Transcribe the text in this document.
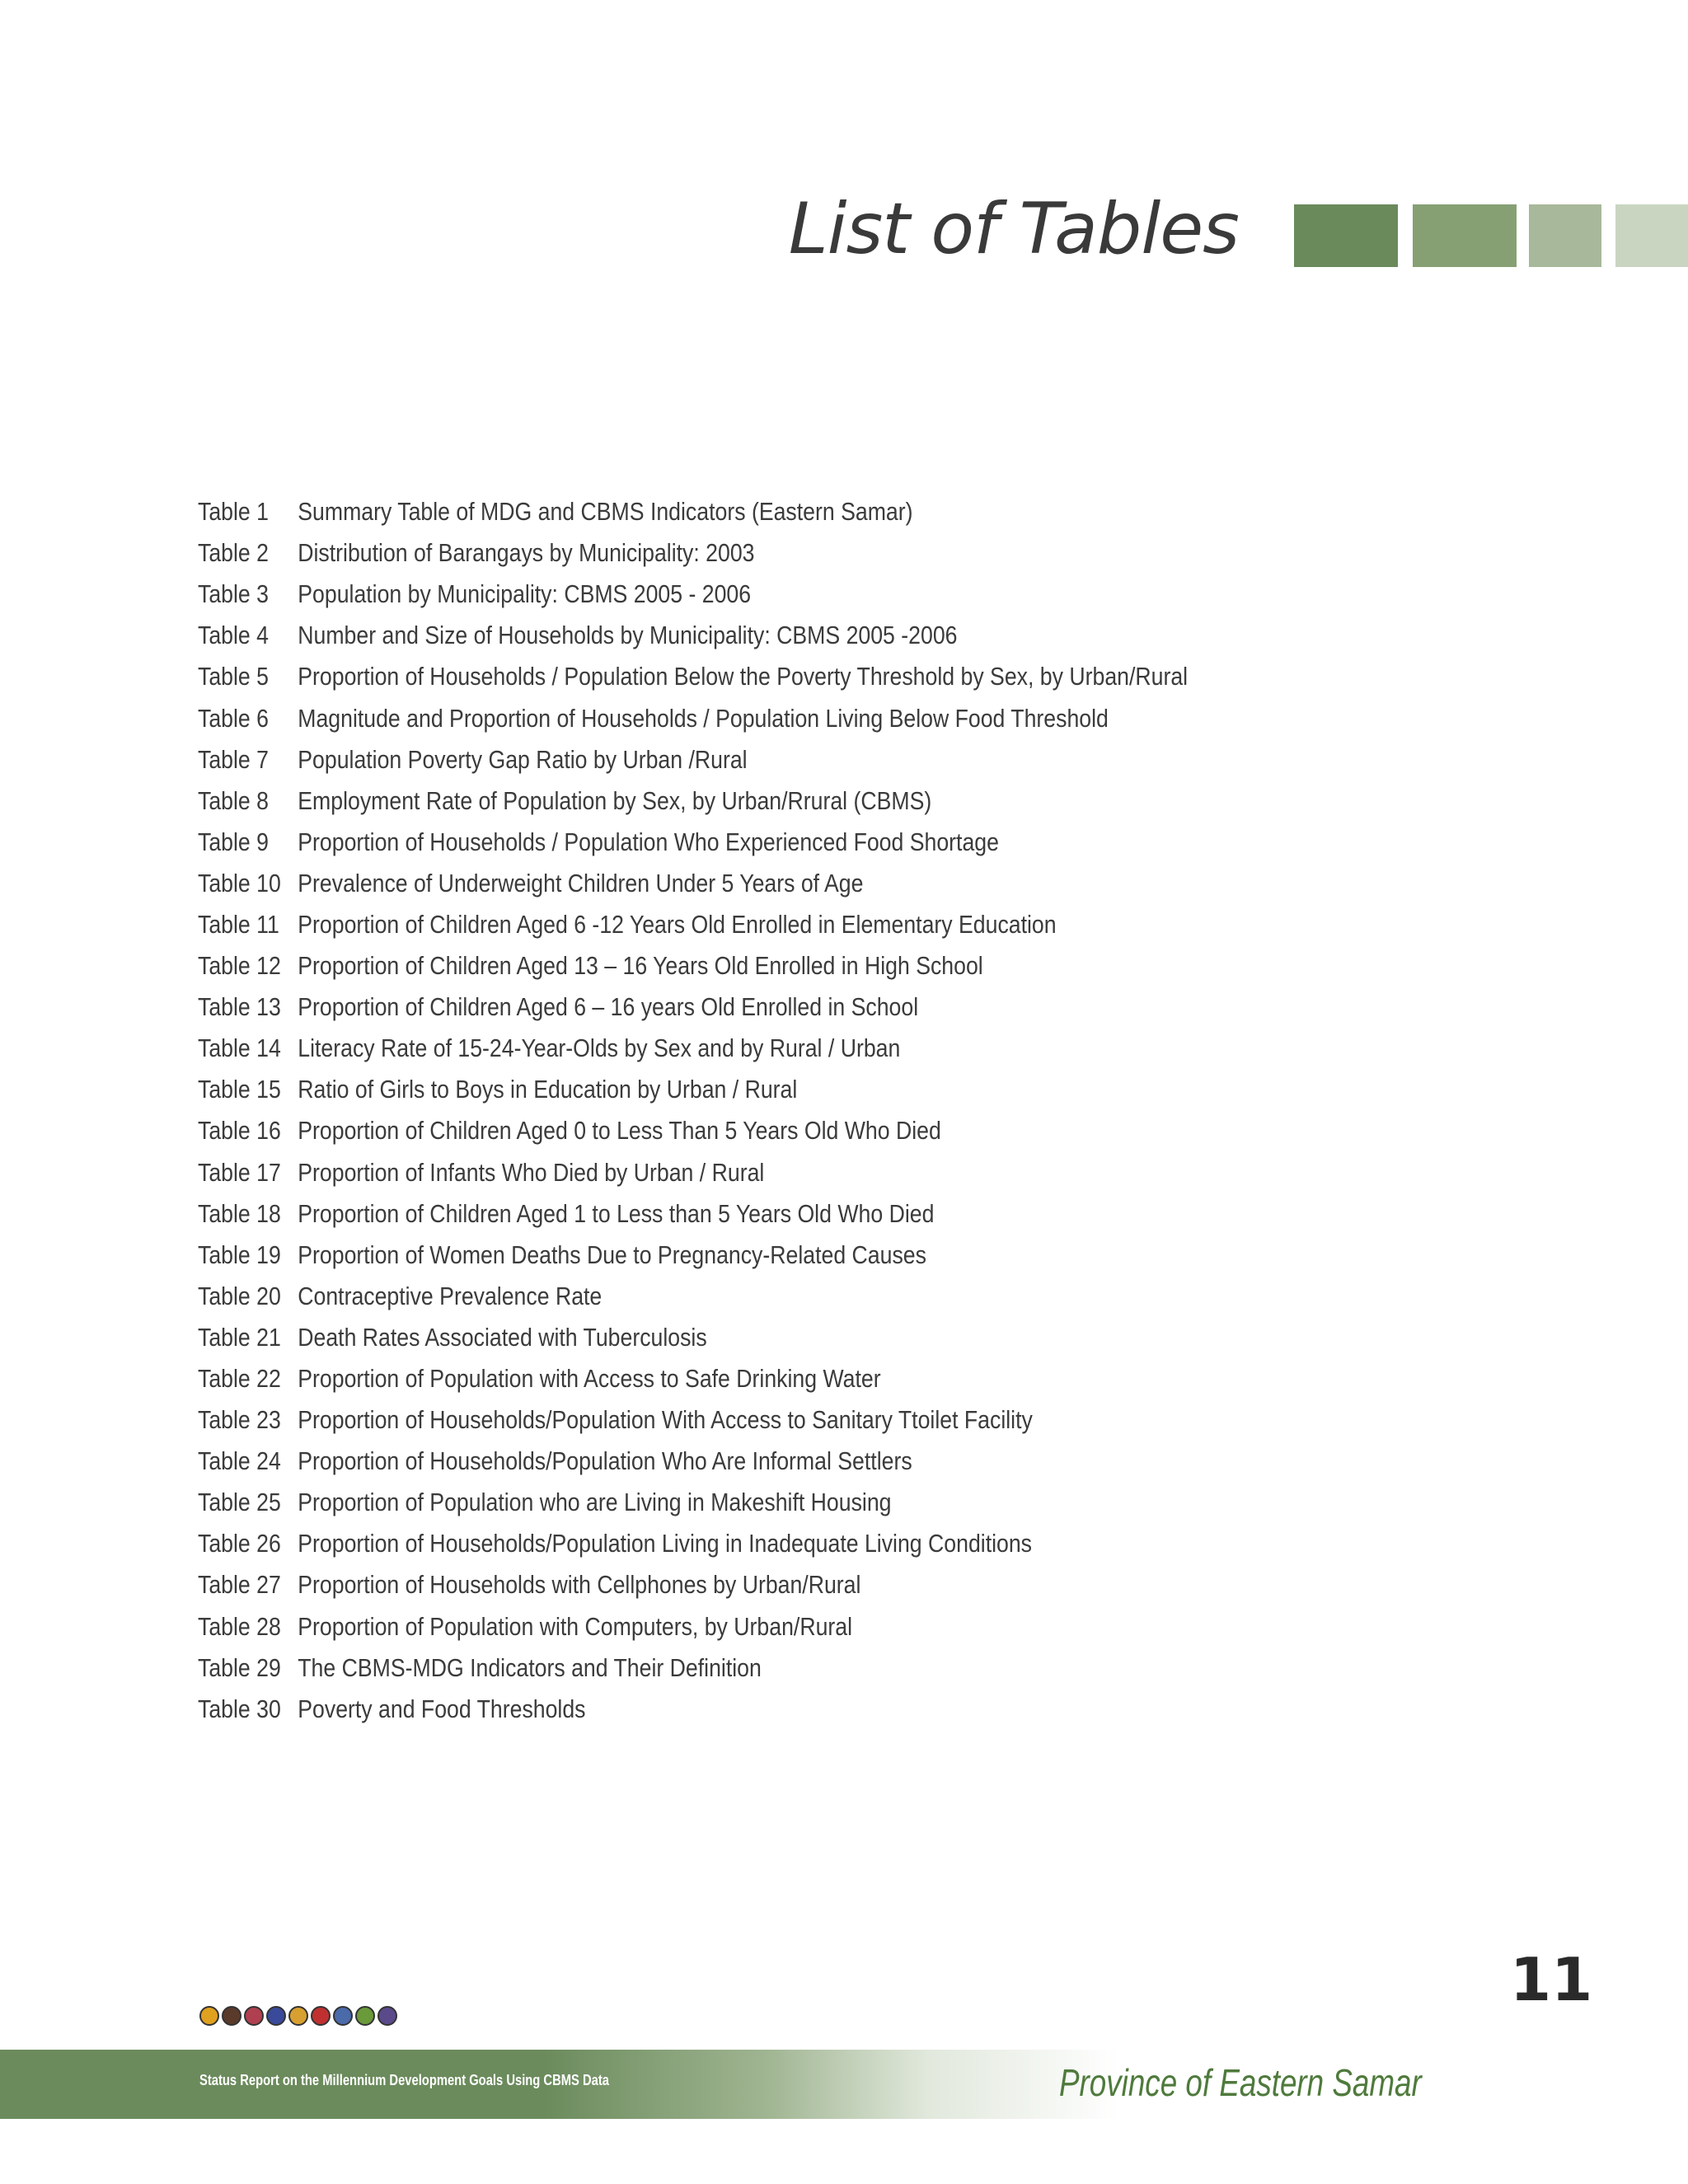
List of Tables
Table 1	Summary Table of MDG and CBMS Indicators (Eastern Samar)
Table 2	Distribution of Barangays by Municipality: 2003
Table 3	Population by Municipality: CBMS 2005 - 2006
Table 4	Number and Size of Households by Municipality: CBMS 2005 -2006
Table 5	Proportion of Households / Population Below the Poverty Threshold by Sex, by Urban/Rural
Table 6	Magnitude and Proportion of Households / Population Living Below Food Threshold
Table 7	Population Poverty Gap Ratio by Urban /Rural
Table 8	Employment Rate of Population by Sex, by Urban/Rrural (CBMS)
Table 9	Proportion of Households / Population Who Experienced Food Shortage
Table 10 Prevalence of Underweight Children Under 5 Years of Age
Table 11 Proportion of Children Aged 6 -12 Years Old Enrolled in Elementary Education
Table 12 Proportion of Children Aged 13 – 16 Years Old Enrolled in High School
Table 13 Proportion of Children Aged 6 – 16 years Old Enrolled in School
Table 14 Literacy Rate of 15-24-Year-Olds by Sex and by Rural / Urban
Table 15 Ratio of Girls to Boys in Education by Urban / Rural
Table 16 Proportion of Children Aged 0 to Less Than 5 Years Old Who Died
Table 17 Proportion of Infants Who Died by Urban / Rural
Table 18 Proportion of Children Aged 1 to Less than 5 Years Old Who Died
Table 19 Proportion of Women Deaths Due to Pregnancy-Related Causes
Table 20 Contraceptive Prevalence Rate
Table 21 Death Rates Associated with Tuberculosis
Table 22 Proportion of Population with Access to Safe Drinking Water
Table 23 Proportion of Households/Population With Access to Sanitary Ttoilet Facility
Table 24 Proportion of Households/Population Who Are Informal Settlers
Table 25 Proportion of Population who are Living in Makeshift Housing
Table 26 Proportion of Households/Population Living in Inadequate Living Conditions
Table 27 Proportion of Households with Cellphones by Urban/Rural
Table 28 Proportion of Population with Computers, by Urban/Rural
Table 29 The CBMS-MDG Indicators and Their Definition
Table 30 Poverty and Food Thresholds
11
Status Report on the Millennium Development Goals Using CBMS Data	Province of Eastern Samar
